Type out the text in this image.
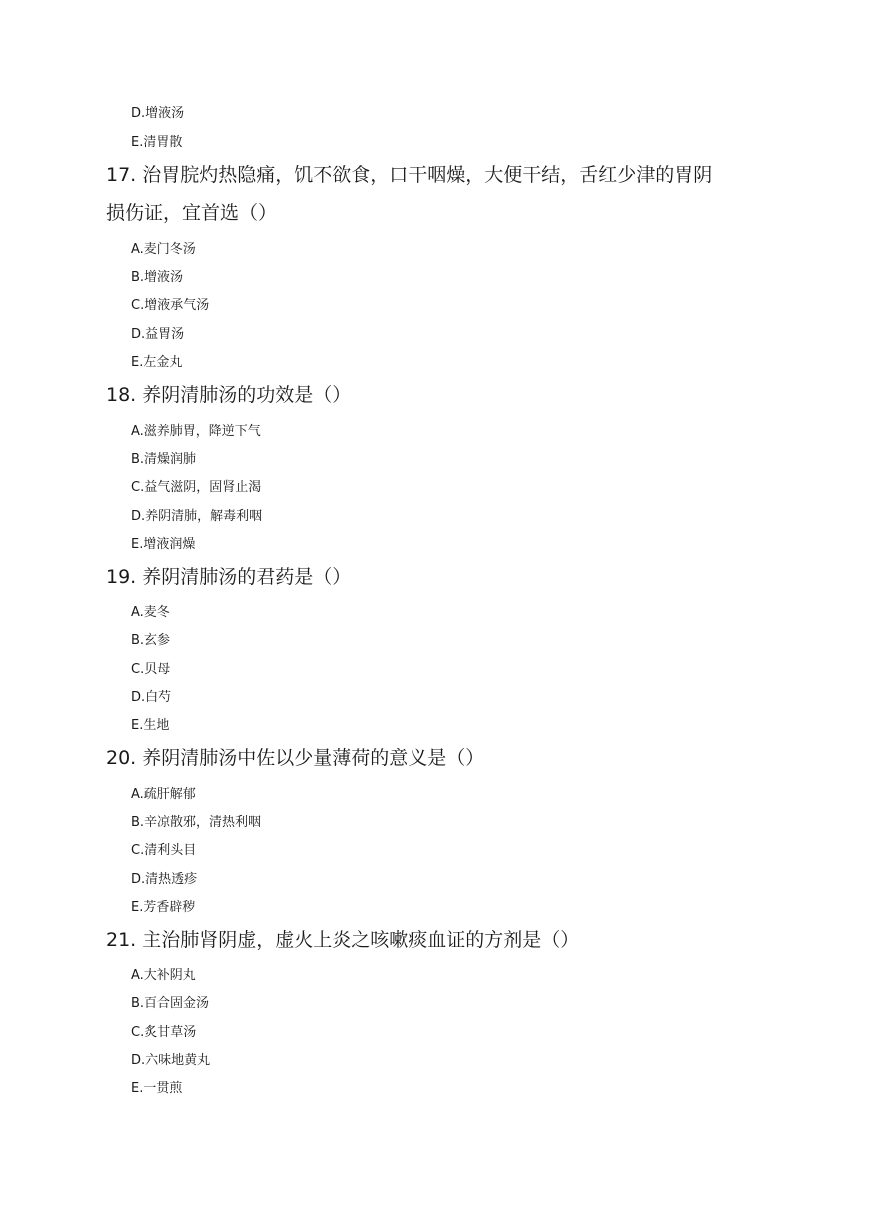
D.增液汤
E.清胃散
17. 治胃脘灼热隐痛，饥不欲食，口干咽燥，大便干结，舌红少津的胃阴
损伤证，宜首选（）
A.麦门冬汤
B.增液汤
C.增液承气汤
D.益胃汤
E.左金丸
18. 养阴清肺汤的功效是（）
A.滋养肺胃，降逆下气
B.清燥润肺
C.益气滋阴，固肾止渴
D.养阴清肺，解毒利咽
E.增液润燥
19. 养阴清肺汤的君药是（）
A.麦冬
B.玄参
C.贝母
D.白芍
E.生地
20. 养阴清肺汤中佐以少量薄荷的意义是（）
A.疏肝解郁
B.辛凉散邪，清热利咽
C.清利头目
D.清热透疹
E.芳香辟秽
21. 主治肺肾阴虚，虚火上炎之咳嗽痰血证的方剂是（）
A.大补阴丸
B.百合固金汤
C.炙甘草汤
D.六味地黄丸
E.一贯煎
